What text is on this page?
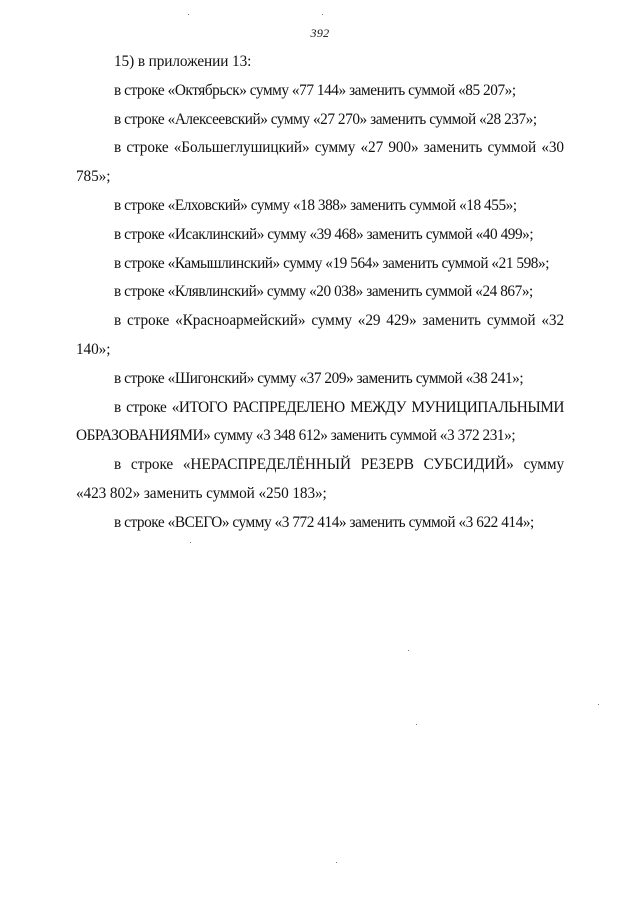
392

15) в приложении 13:

в строке «Октябрьск» сумму «77 144» заменить суммой «85 207»;

в строке «Алексеевский» сумму «27 270» заменить суммой «28 237»;

в строке «Большеглушицкий» сумму «27 900» заменить суммой «30 785»;

в строке «Елховский» сумму «18 388» заменить суммой «18 455»;

в строке «Исаклинский» сумму «39 468» заменить суммой «40 499»;

в строке «Камышлинский» сумму «19 564» заменить суммой «21 598»;

в строке «Клявлинский» сумму «20 038» заменить суммой «24 867»;

в строке «Красноармейский» сумму «29 429» заменить суммой «32 140»;

в строке «Шигонский» сумму «37 209» заменить суммой «38 241»;

в строке «ИТОГО РАСПРЕДЕЛЕНО МЕЖДУ МУНИЦИПАЛЬНЫМИ ОБРАЗОВАНИЯМИ» сумму «3 348 612» заменить суммой «3 372 231»;

в строке «НЕРАСПРЕДЕЛЁННЫЙ РЕЗЕРВ СУБСИДИЙ» сумму «423 802» заменить суммой «250 183»;

в строке «ВСЕГО» сумму «3 772 414» заменить суммой «3 622 414»;
